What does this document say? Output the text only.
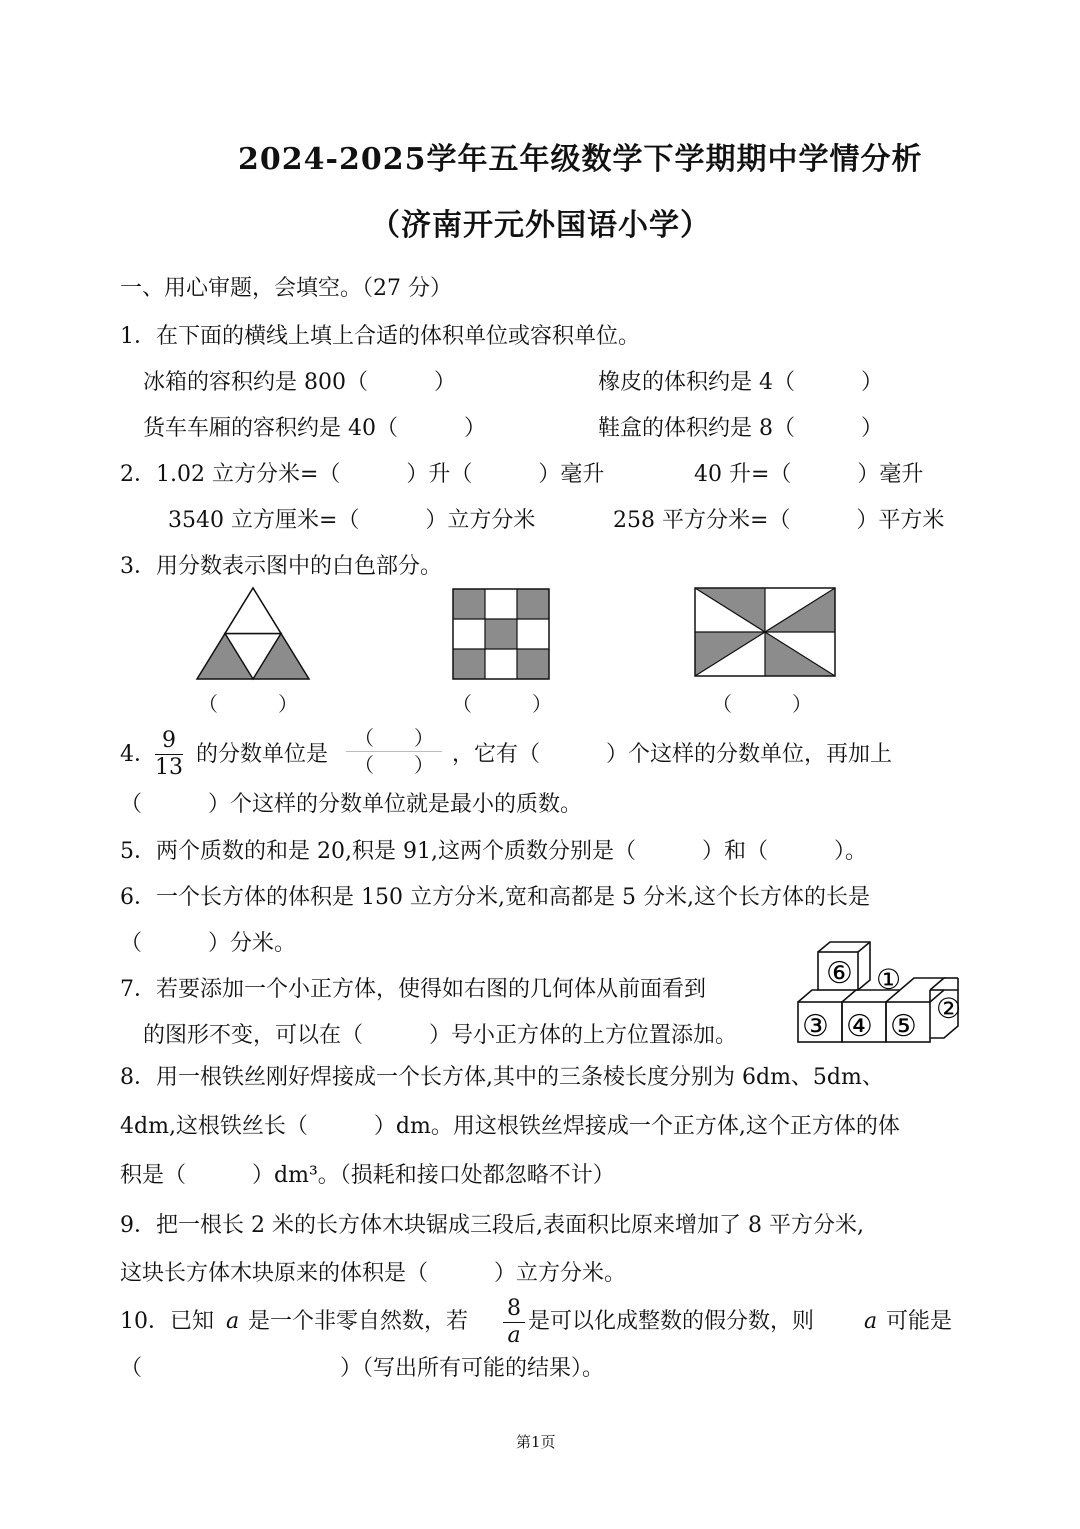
2024-2025学年五年级数学下学期期中学情分析
（济南开元外国语小学）
一、用心审题，会填空。（27 分）
1．在下面的横线上填上合适的体积单位或容积单位。
冰箱的容积约是 800（　　　）	橡皮的体积约是 4（　　　）
货车车厢的容积约是 40（　　　）	鞋盒的体积约是 8（　　　）
2．1.02 立方分米=（　　　）升（　　　）毫升	40 升=（　　　）毫升
3540 立方厘米=（　　　）立方分米	258 平方分米=（　　　）平方米
3．用分数表示图中的白色部分。
（　　　）	（　　　）	（　　　）
4．
9
13
的分数单位是
（　　）
（　　） ，它有（　　　）个这样的分数单位，再加上
（　　　）个这样的分数单位就是最小的质数。
5．两个质数的和是 20,积是 91,这两个质数分别是（　　　）和（　　　）。
6．一个长方体的体积是 150 立方分米,宽和高都是 5 分米,这个长方体的长是
（　　　）分米。
7．若要添加一个小正方体，使得如右图的几何体从前面看到
的图形不变，可以在（　　　）号小正方体的上方位置添加。
⑥ ①
②
③ ④ ⑤
8．用一根铁丝刚好焊接成一个长方体,其中的三条棱长度分别为 6dm、5dm、
4dm,这根铁丝长（　　　）dm。用这根铁丝焊接成一个正方体,这个正方体的体
积是（　　　）dm³。（损耗和接口处都忽略不计）
9．把一根长 2 米的长方体木块锯成三段后,表面积比原来增加了 8 平方分米,
这块长方体木块原来的体积是（　　　）立方分米。
10．已知 a 是一个非零自然数，若
8
a
是可以化成整数的假分数，则 a 可能是
（　　　　　　　　　）（写出所有可能的结果）。
第1页
